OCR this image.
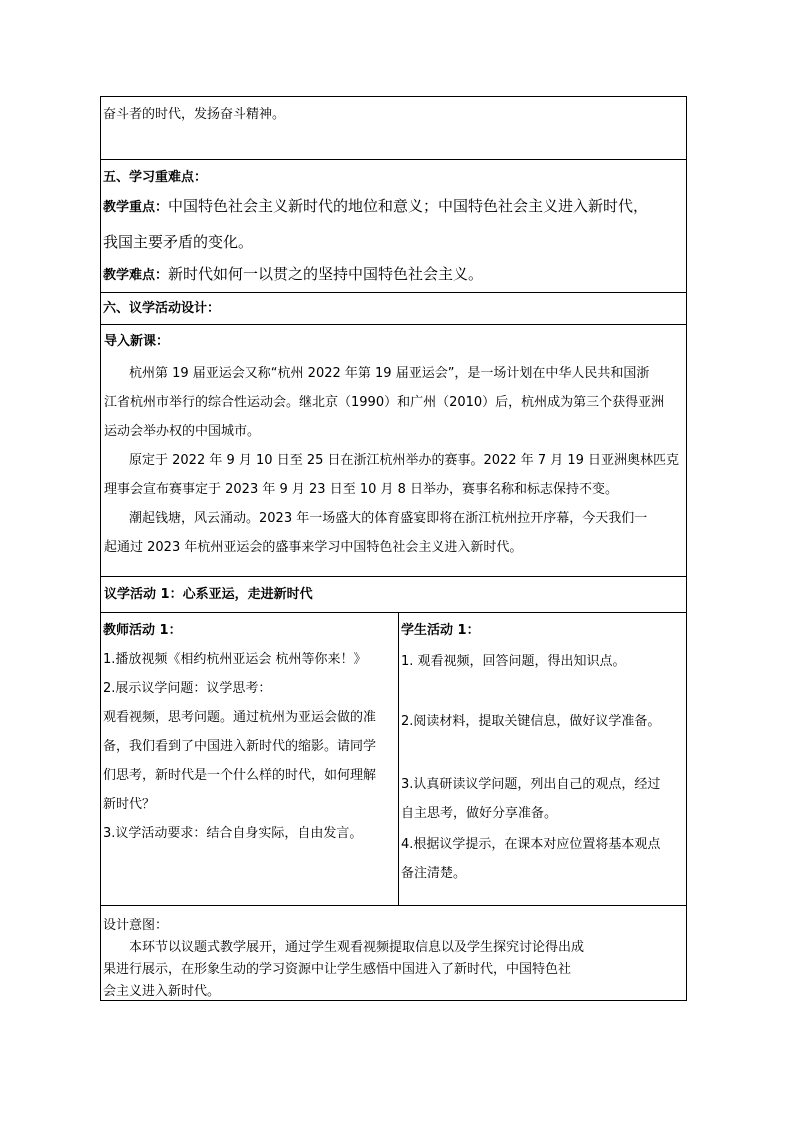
奋斗者的时代，发扬奋斗精神。

五、学习重难点：

教学重点：中国特色社会主义新时代的地位和意义；中国特色社会主义进入新时代，

我国主要矛盾的变化。

教学难点：新时代如何一以贯之的坚持中国特色社会主义。

六、议学活动设计：

导入新课：

杭州第 19 届亚运会又称“杭州 2022 年第 19 届亚运会”，是一场计划在中华人民共和国浙

江省杭州市举行的综合性运动会。继北京（1990）和广州（2010）后，杭州成为第三个获得亚洲

运动会举办权的中国城市。

原定于 2022 年 9 月 10 日至 25 日在浙江杭州举办的赛事。2022 年 7 月 19 日亚洲奥林匹克

理事会宣布赛事定于 2023 年 9 月 23 日至 10 月 8 日举办，赛事名称和标志保持不变。

潮起钱塘，风云涌动。2023 年一场盛大的体育盛宴即将在浙江杭州拉开序幕，今天我们一

起通过 2023 年杭州亚运会的盛事来学习中国特色社会主义进入新时代。

议学活动 1：心系亚运，走进新时代

教师活动 1：

1.播放视频《相约杭州亚运会 杭州等你来！》

2.展示议学问题：议学思考：

观看视频，思考问题。通过杭州为亚运会做的准

备，我们看到了中国进入新时代的缩影。请同学

们思考，新时代是一个什么样的时代，如何理解

新时代？

3.议学活动要求：结合自身实际，自由发言。

学生活动 1：

1. 观看视频，回答问题，得出知识点。

2.阅读材料，提取关键信息，做好议学准备。

3.认真研读议学问题，列出自己的观点，经过

自主思考，做好分享准备。

4.根据议学提示，在课本对应位置将基本观点

备注清楚。

设计意图：

本环节以议题式教学展开，通过学生观看视频提取信息以及学生探究讨论得出成

果进行展示，在形象生动的学习资源中让学生感悟中国进入了新时代，中国特色社

会主义进入新时代。
